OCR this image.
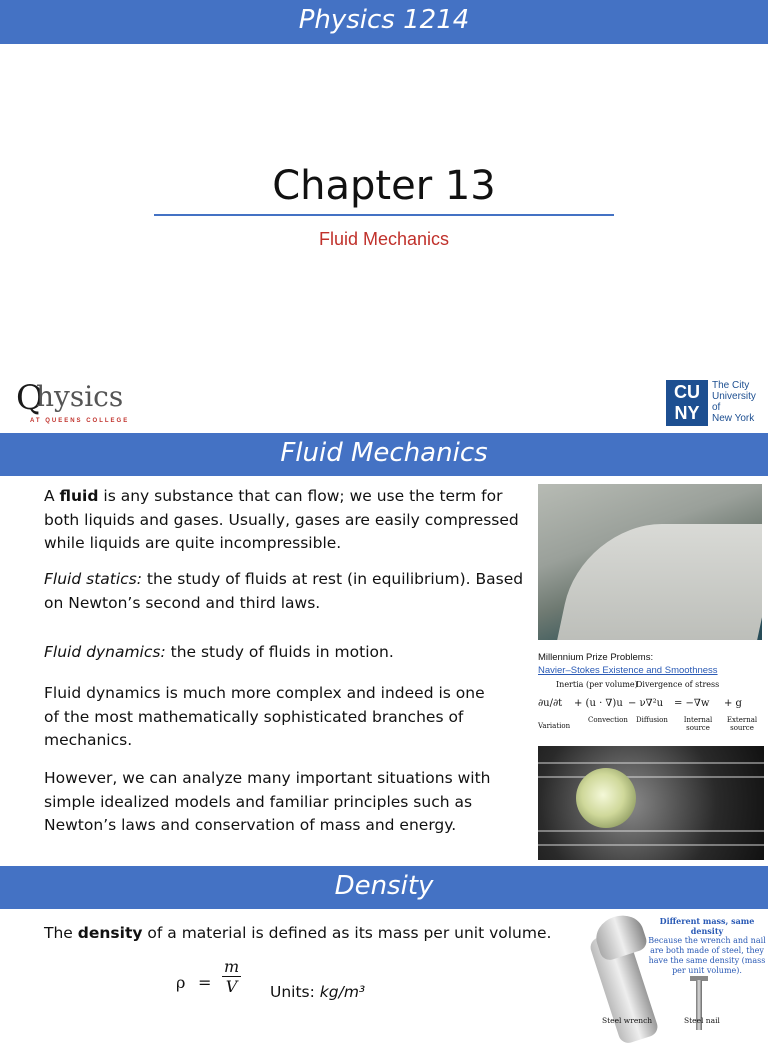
Physics 1214
Chapter 13
Fluid Mechanics
Q
hysics
AT QUEENS COLLEGE
CU
NY
The City
University
of
New York
Fluid Mechanics
A fluid is any substance that can flow; we use the term for both liquids and gases. Usually, gases are easily compressed while liquids are quite incompressible.
Fluid statics: the study of fluids at rest (in equilibrium). Based on Newton’s second and third laws.
Fluid dynamics: the study of fluids in motion.
Fluid dynamics is much more complex and indeed is one of the most mathematically sophisticated branches of mechanics.
However, we can analyze many important situations with simple idealized models and familiar principles such as Newton’s laws and conservation of mass and energy.
Millennium Prize Problems:
Navier–Stokes Existence and Smoothness
Inertia (per volume)
Divergence of stress
∂u/∂t + (u · ∇)u − ν∇²u = −∇w + g
Variation
Convection Diffusion	Internal source
External source
Density
The density of a material is defined as its mass per unit volume.
$\rho = \frac{m}{V}$ Units: kg/m³
Different mass, same density
Because the wrench and nail are both made of steel, they have the same density (mass per unit volume).
Steel wrench	Steel nail
